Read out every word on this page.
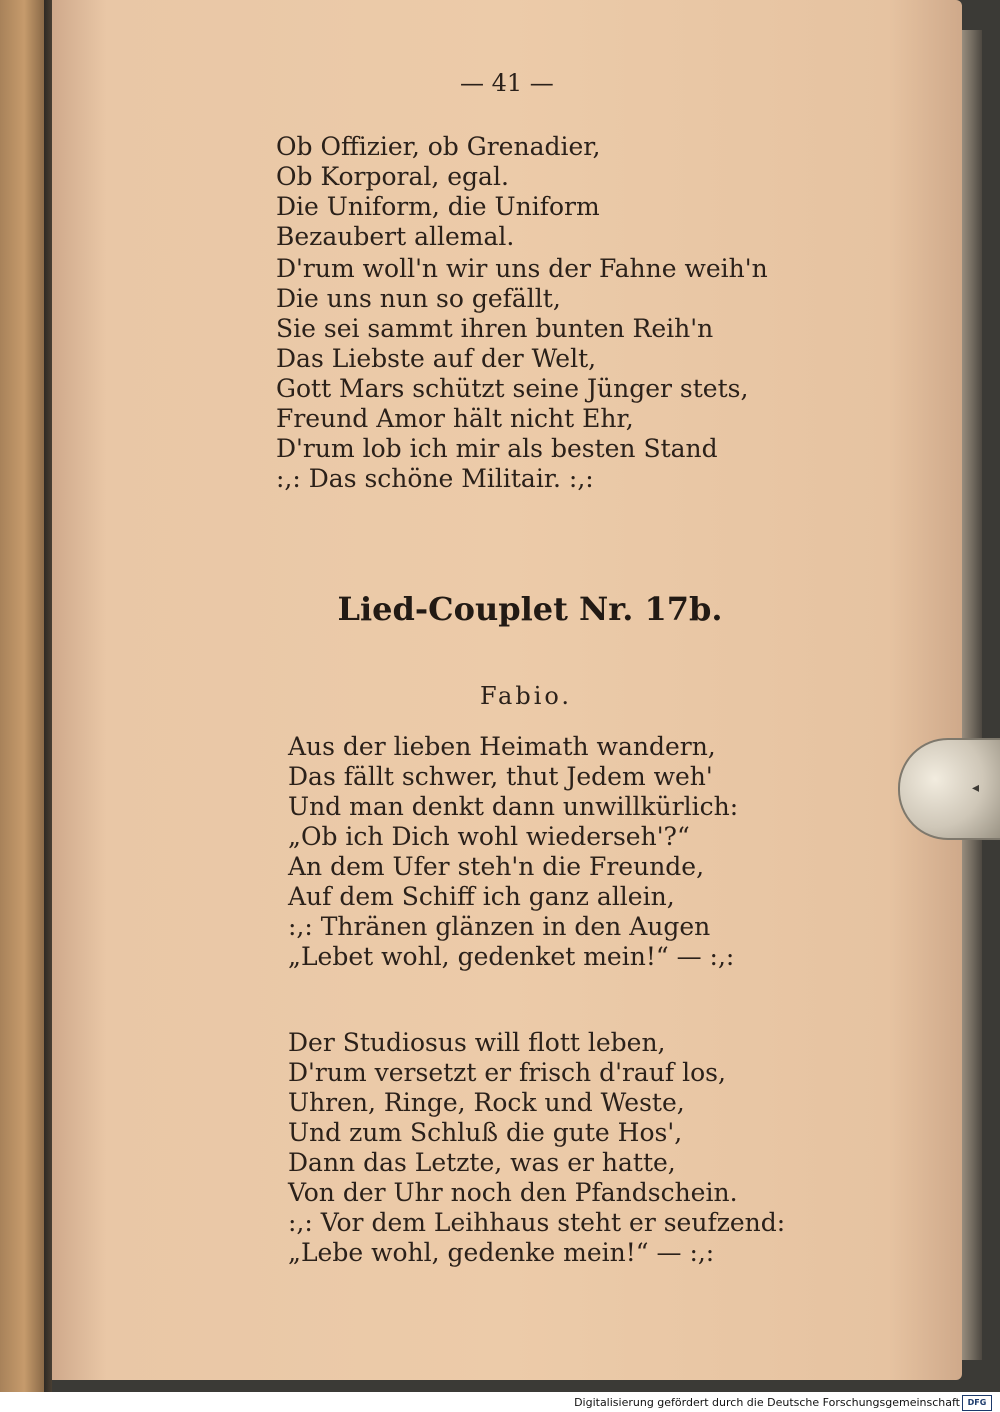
◂

— 41 —

Ob Offizier, ob Grenadier,

Ob Korporal, egal.

Die Uniform, die Uniform

Bezaubert allemal.

D'rum woll'n wir uns der Fahne weih'n

Die uns nun so gefällt,

Sie sei sammt ihren bunten Reih'n

Das Liebste auf der Welt,

Gott Mars schützt seine Jünger stets,

Freund Amor hält nicht Ehr,

D'rum lob ich mir als besten Stand

:,: Das schöne Militair. :,:

Lied-Couplet Nr. 17b.
Fabio.

Aus der lieben Heimath wandern,

Das fällt schwer, thut Jedem weh'

Und man denkt dann unwillkürlich:

„Ob ich Dich wohl wiederseh'?“

An dem Ufer steh'n die Freunde,

Auf dem Schiff ich ganz allein,

:,: Thränen glänzen in den Augen

„Lebet wohl, gedenket mein!“ — :,:

Der Studiosus will flott leben,

D'rum versetzt er frisch d'rauf los,

Uhren, Ringe, Rock und Weste,

Und zum Schluß die gute Hos',

Dann das Letzte, was er hatte,

Von der Uhr noch den Pfandschein.

:,: Vor dem Leihhaus steht er seufzend:

„Lebe wohl, gedenke mein!“ — :,:

Digitalisierung gefördert durch die Deutsche Forschungsgemeinschaft DFG
